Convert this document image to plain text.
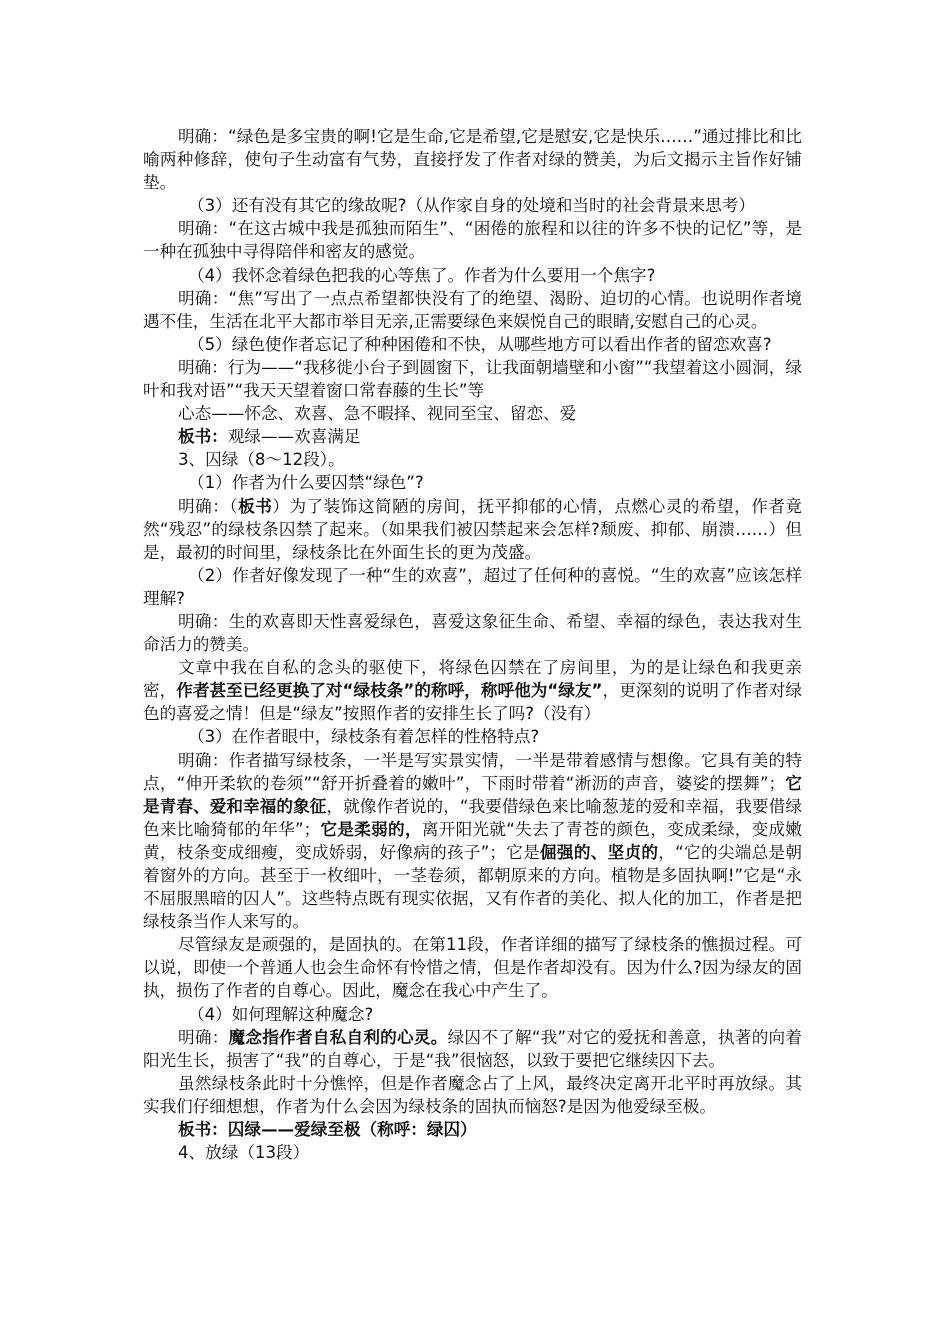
明确：“绿色是多宝贵的啊!它是生命,它是希望,它是慰安,它是快乐……”通过排比和比喻两种修辞，使句子生动富有气势，直接抒发了作者对绿的赞美，为后文揭示主旨作好铺垫。

（3）还有没有其它的缘故呢?（从作家自身的处境和当时的社会背景来思考）

明确：“在这古城中我是孤独而陌生”、“困倦的旅程和以往的许多不快的记忆”等，是一种在孤独中寻得陪伴和密友的感觉。

（4）我怀念着绿色把我的心等焦了。作者为什么要用一个焦字?

明确：“焦”写出了一点点希望都快没有了的绝望、渴盼、迫切的心情。也说明作者境遇不佳，生活在北平大都市举目无亲,正需要绿色来娱悦自己的眼睛,安慰自己的心灵。

（5）绿色使作者忘记了种种困倦和不快，从哪些地方可以看出作者的留恋欢喜?

明确：行为——“我移徙小台子到圆窗下，让我面朝墙壁和小窗”“我望着这小圆洞，绿叶和我对语”“我天天望着窗口常春藤的生长”等

心态——怀念、欢喜、急不暇择、视同至宝、留恋、爱

板书：观绿——欢喜满足

3、囚绿（8～12段）。

（1）作者为什么要囚禁“绿色”?

明确：（板书）为了装饰这简陋的房间，抚平抑郁的心情，点燃心灵的希望，作者竟然“残忍”的绿枝条囚禁了起来。（如果我们被囚禁起来会怎样?颓废、抑郁、崩溃……）但是，最初的时间里，绿枝条比在外面生长的更为茂盛。

（2）作者好像发现了一种“生的欢喜”，超过了任何种的喜悦。“生的欢喜”应该怎样理解?

明确：生的欢喜即天性喜爱绿色，喜爱这象征生命、希望、幸福的绿色，表达我对生命活力的赞美。

文章中我在自私的念头的驱使下，将绿色囚禁在了房间里，为的是让绿色和我更亲密，作者甚至已经更换了对“绿枝条”的称呼，称呼他为“绿友”，更深刻的说明了作者对绿色的喜爱之情！但是“绿友”按照作者的安排生长了吗?（没有）

（3）在作者眼中，绿枝条有着怎样的性格特点?

明确：作者描写绿枝条，一半是写实景实情，一半是带着感情与想像。它具有美的特点，“伸开柔软的卷须”“舒开折叠着的嫩叶”，下雨时带着“淅沥的声音，婆娑的摆舞”；它是青春、爱和幸福的象征，就像作者说的，“我要借绿色来比喻葱茏的爱和幸福，我要借绿色来比喻猗郁的年华”；它是柔弱的，离开阳光就“失去了青苍的颜色，变成柔绿，变成嫩黄，枝条变成细瘦，变成娇弱，好像病的孩子”；它是倔强的、坚贞的，“它的尖端总是朝着窗外的方向。甚至于一枚细叶，一茎卷须，都朝原来的方向。植物是多固执啊!”它是“永不屈服黑暗的囚人”。这些特点既有现实依据，又有作者的美化、拟人化的加工，作者是把绿枝条当作人来写的。

尽管绿友是顽强的，是固执的。在第11段，作者详细的描写了绿枝条的憔损过程。可以说，即使一个普通人也会生命怀有怜惜之情，但是作者却没有。因为什么?因为绿友的固执，损伤了作者的自尊心。因此，魔念在我心中产生了。

（4）如何理解这种魔念?

明确：魔念指作者自私自利的心灵。绿囚不了解“我”对它的爱抚和善意，执著的向着阳光生长，损害了“我”的自尊心，于是“我”很恼怒，以致于要把它继续囚下去。

虽然绿枝条此时十分憔悴，但是作者魔念占了上风，最终决定离开北平时再放绿。其实我们仔细想想，作者为什么会因为绿枝条的固执而恼怒?是因为他爱绿至极。

板书：囚绿——爱绿至极（称呼：绿囚）

4、放绿（13段）
